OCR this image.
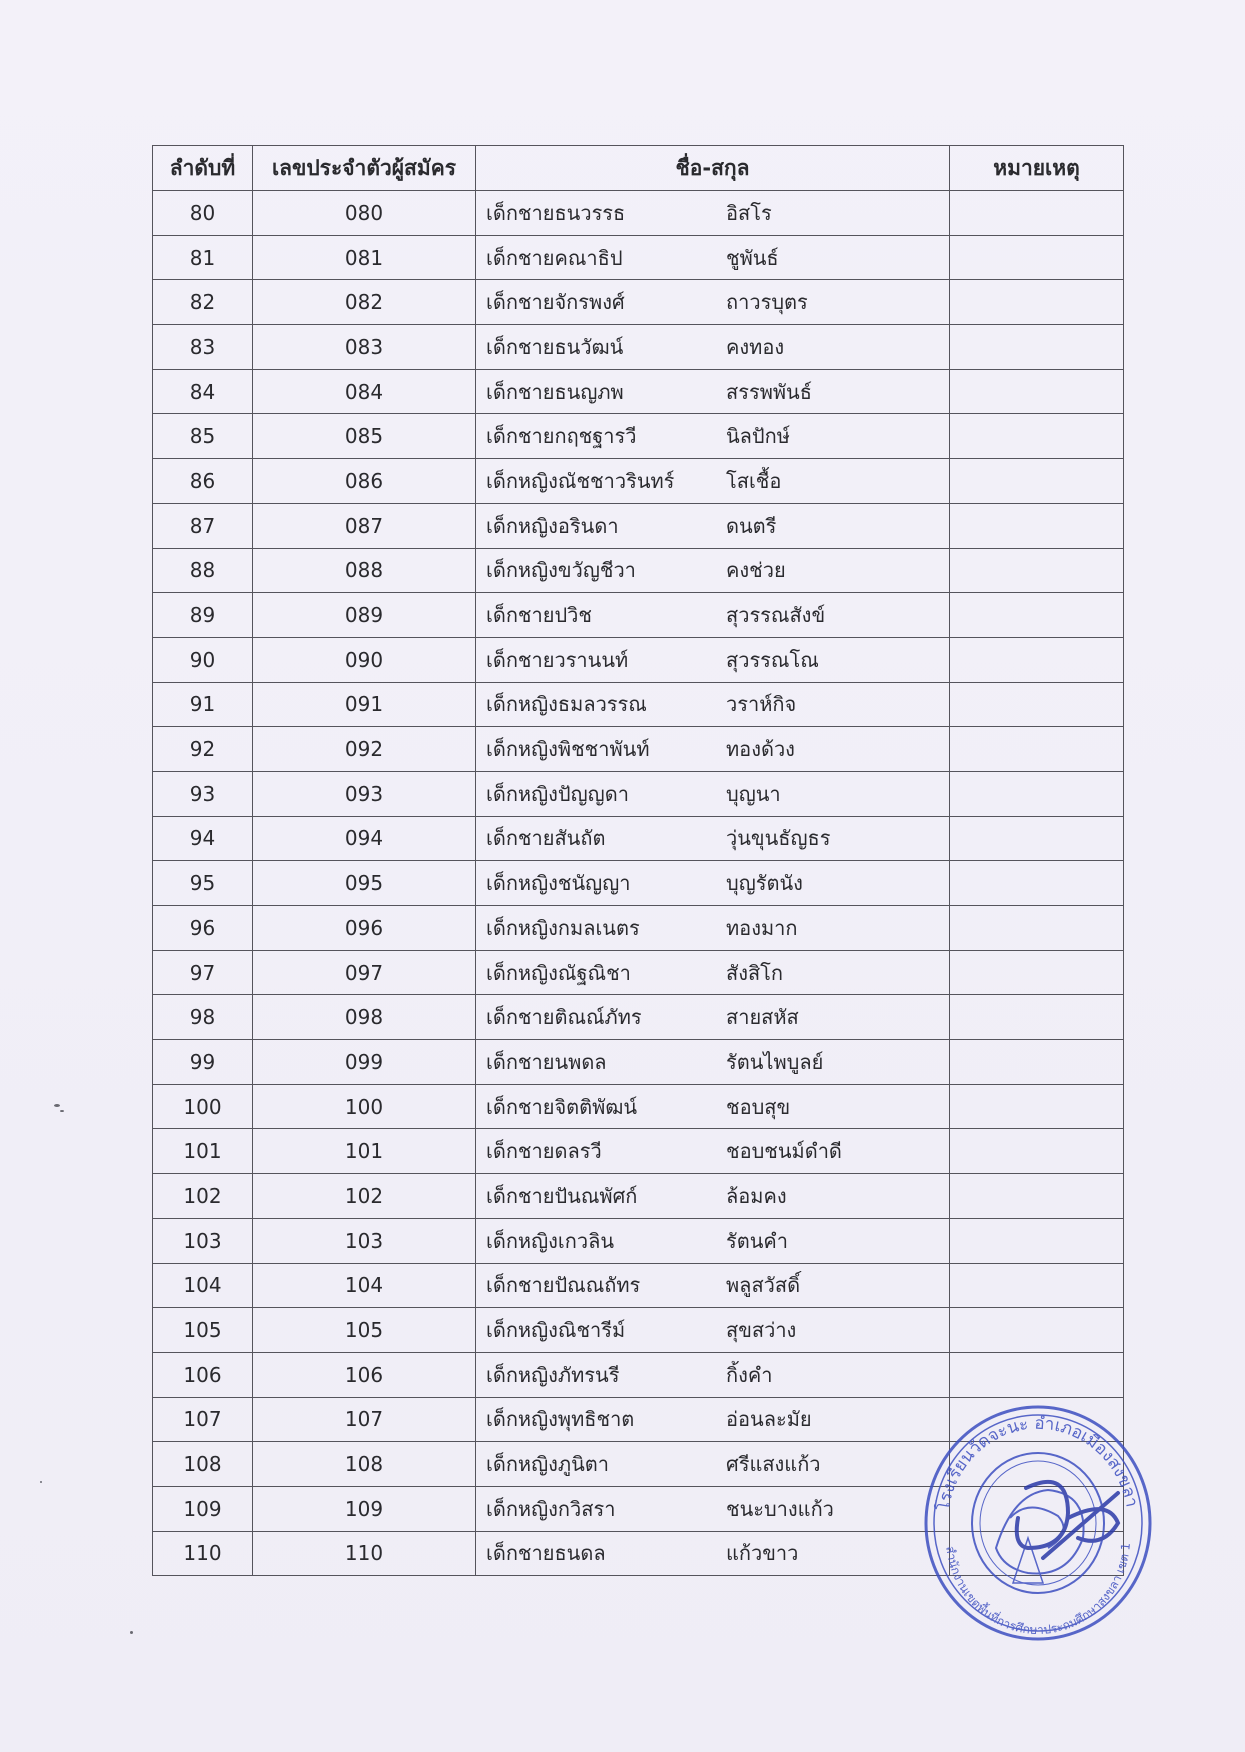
ลำดับที่	เลขประจำตัวผู้สมัคร	ชื่อ-สกุล	หมายเหตุ
80	080	เด็กชายธนวรรธ อิสโร	
81	081	เด็กชายคณาธิป ชูพันธ์	
82	082	เด็กชายจักรพงศ์ ถาวรบุตร	
83	083	เด็กชายธนวัฒน์ คงทอง	
84	084	เด็กชายธนญภพ สรรพพันธ์	
85	085	เด็กชายกฤชฐารวี นิลปักษ์	
86	086	เด็กหญิงณัชชาวรินทร์ โสเชื้อ	
87	087	เด็กหญิงอรินดา ดนตรี	
88	088	เด็กหญิงขวัญชีวา คงช่วย	
89	089	เด็กชายปวิช สุวรรณสังข์	
90	090	เด็กชายวรานนท์ สุวรรณโณ	
91	091	เด็กหญิงธมลวรรณ วราห์กิจ	
92	092	เด็กหญิงพิชชาพันท์ ทองด้วง	
93	093	เด็กหญิงปัญญดา บุญนา	
94	094	เด็กชายสันถัต วุ่นขุนธัญธร	
95	095	เด็กหญิงชนัญญา บุญรัตนัง	
96	096	เด็กหญิงกมลเนตร ทองมาก	
97	097	เด็กหญิงณัฐณิชา สังสิโก	
98	098	เด็กชายติณณ์ภัทร สายสหัส	
99	099	เด็กชายนพดล รัตนไพบูลย์	
100	100	เด็กชายจิตติพัฒน์ ชอบสุข	
101	101	เด็กชายดลรวี ชอบชนม์ดำดี	
102	102	เด็กชายปันณพัศก์ ล้อมคง	
103	103	เด็กหญิงเกวลิน รัตนคำ	
104	104	เด็กชายปัณณถัทร พลูสวัสดิ์	
105	105	เด็กหญิงณิชารีม์ สุขสว่าง	
106	106	เด็กหญิงภัทรนรี กิ้งคำ	
107	107	เด็กหญิงพุทธิชาต อ่อนละมัย	
108	108	เด็กหญิงภูนิตา ศรีแสงแก้ว	
109	109	เด็กหญิงกวิสรา ชนะบางแก้ว	
110	110	เด็กชายธนดล แก้วขาว	
โรงเรียนวัดจะนะ อำเภอเมืองสงขลา
สำนักงานเขตพื้นที่การศึกษาประถมศึกษาสงขลา เขต 1
